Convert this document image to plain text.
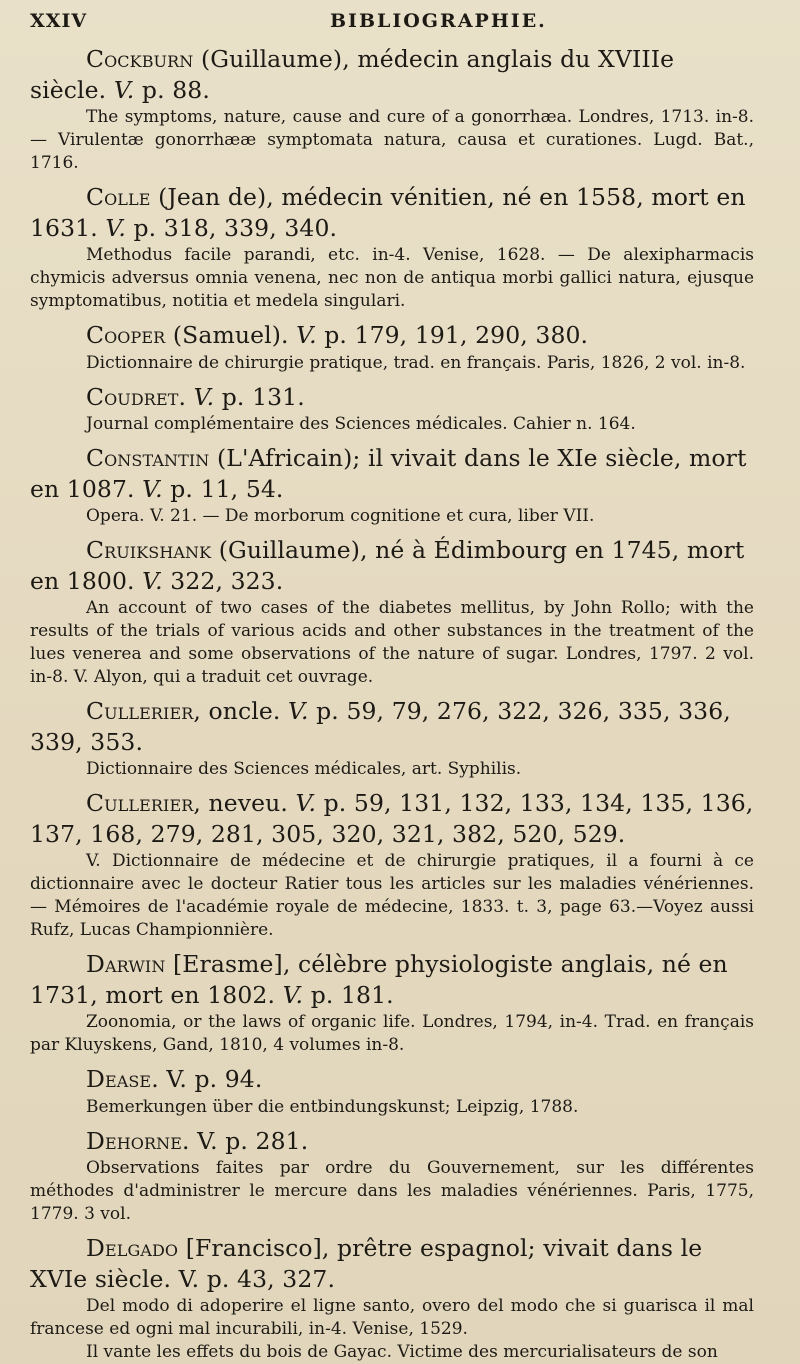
XXIV	BIBLIOGRAPHIE.

Cockburn (Guillaume), médecin anglais du XVIIIe siècle. V. p. 88.

The symptoms, nature, cause and cure of a gonorrhæa. Londres, 1713. in-8. — Virulentæ gonorrhææ symptomata natura, causa et curationes. Lugd. Bat., 1716.

Colle (Jean de), médecin vénitien, né en 1558, mort en 1631. V. p. 318, 339, 340.

Methodus facile parandi, etc. in-4. Venise, 1628. — De alexipharmacis chymicis adversus omnia venena, nec non de antiqua morbi gallici natura, ejusque symptomatibus, notitia et medela singulari.

Cooper (Samuel). V. p. 179, 191, 290, 380.

Dictionnaire de chirurgie pratique, trad. en français. Paris, 1826, 2 vol. in-8.

Coudret. V. p. 131.

Journal complémentaire des Sciences médicales. Cahier n. 164.

Constantin (L'Africain); il vivait dans le XIe siècle, mort en 1087. V. p. 11, 54.

Opera. V. 21. — De morborum cognitione et cura, liber VII.

Cruikshank (Guillaume), né à Édimbourg en 1745, mort en 1800. V. 322, 323.

An account of two cases of the diabetes mellitus, by John Rollo; with the results of the trials of various acids and other substances in the treatment of the lues venerea and some observations of the nature of sugar. Londres, 1797. 2 vol. in-8. V. Alyon, qui a traduit cet ouvrage.

Cullerier, oncle. V. p. 59, 79, 276, 322, 326, 335, 336, 339, 353.

Dictionnaire des Sciences médicales, art. Syphilis.

Cullerier, neveu. V. p. 59, 131, 132, 133, 134, 135, 136, 137, 168, 279, 281, 305, 320, 321, 382, 520, 529.

V. Dictionnaire de médecine et de chirurgie pratiques, il a fourni à ce dictionnaire avec le docteur Ratier tous les articles sur les maladies vénériennes. — Mémoires de l'académie royale de médecine, 1833. t. 3, page 63.—Voyez aussi Rufz, Lucas Championnière.

Darwin [Erasme], célèbre physiologiste anglais, né en 1731, mort en 1802. V. p. 181.

Zoonomia, or the laws of organic life. Londres, 1794, in-4. Trad. en français par Kluyskens, Gand, 1810, 4 volumes in-8.

Dease. V. p. 94.

Bemerkungen über die entbindungskunst; Leipzig, 1788.

Dehorne. V. p. 281.

Observations faites par ordre du Gouvernement, sur les différentes méthodes d'administrer le mercure dans les maladies vénériennes. Paris, 1775, 1779. 3 vol.

Delgado [Francisco], prêtre espagnol; vivait dans le XVIe siècle. V. p. 43, 327.

Del modo di adoperire el ligne santo, overo del modo che si guarisca il mal francese ed ogni mal incurabili, in-4. Venise, 1529.

Il vante les effets du bois de Gayac. Victime des mercurialisateurs de son
